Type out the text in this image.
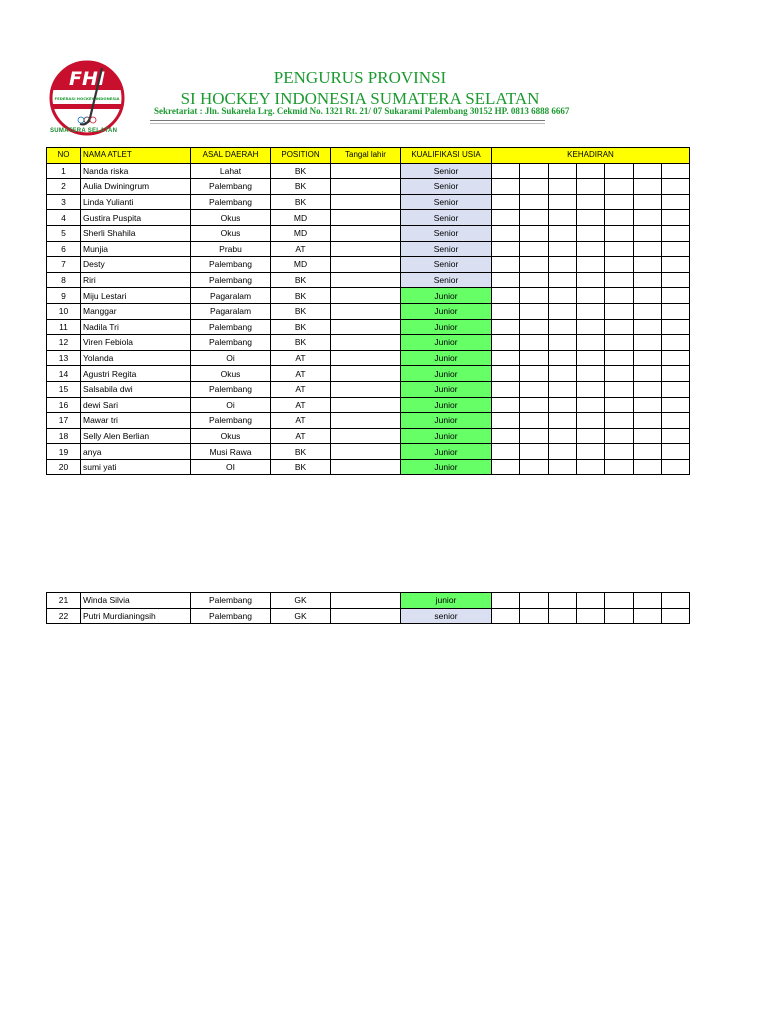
FHI
FEDERASI HOCKEY INDONESIA
SUMATERA SELATAN
PENGURUS PROVINSI
SI HOCKEY INDONESIA SUMATERA SELATAN
Sekretariat : Jln. Sukarela Lrg. Cekmid No. 1321 Rt. 21/ 07 Sukarami Palembang 30152 HP. 0813 6888 6667
NO	NAMA ATLET	ASAL DAERAH	POSITION	Tangal lahir	KUALIFIKASI USIA	KEHADIRAN						
1	Nanda riska	Lahat	BK		Senior							
2	Aulia Dwiningrum	Palembang	BK		Senior							
3	Linda Yulianti	Palembang	BK		Senior							
4	Gustira Puspita	Okus	MD		Senior							
5	Sherli Shahila	Okus	MD		Senior							
6	Munjia	Prabu	AT		Senior							
7	Desty	Palembang	MD		Senior							
8	Riri	Palembang	BK		Senior							
9	Miju Lestari	Pagaralam	BK		Junior							
10	Manggar	Pagaralam	BK		Junior							
11	Nadila Tri	Palembang	BK		Junior							
12	Viren Febiola	Palembang	BK		Junior							
13	Yolanda	Oi	AT		Junior							
14	Agustri Regita	Okus	AT		Junior							
15	Salsabila dwi	Palembang	AT		Junior							
16	dewi Sari	Oi	AT		Junior							
17	Mawar tri	Palembang	AT		Junior							
18	Selly Alen Berlian	Okus	AT		Junior							
19	anya	Musi Rawa	BK		Junior							
20	sumi yati	OI	BK		Junior							
21	Winda Silvia	Palembang	GK		junior							
22	Putri Murdianingsih	Palembang	GK		senior							
